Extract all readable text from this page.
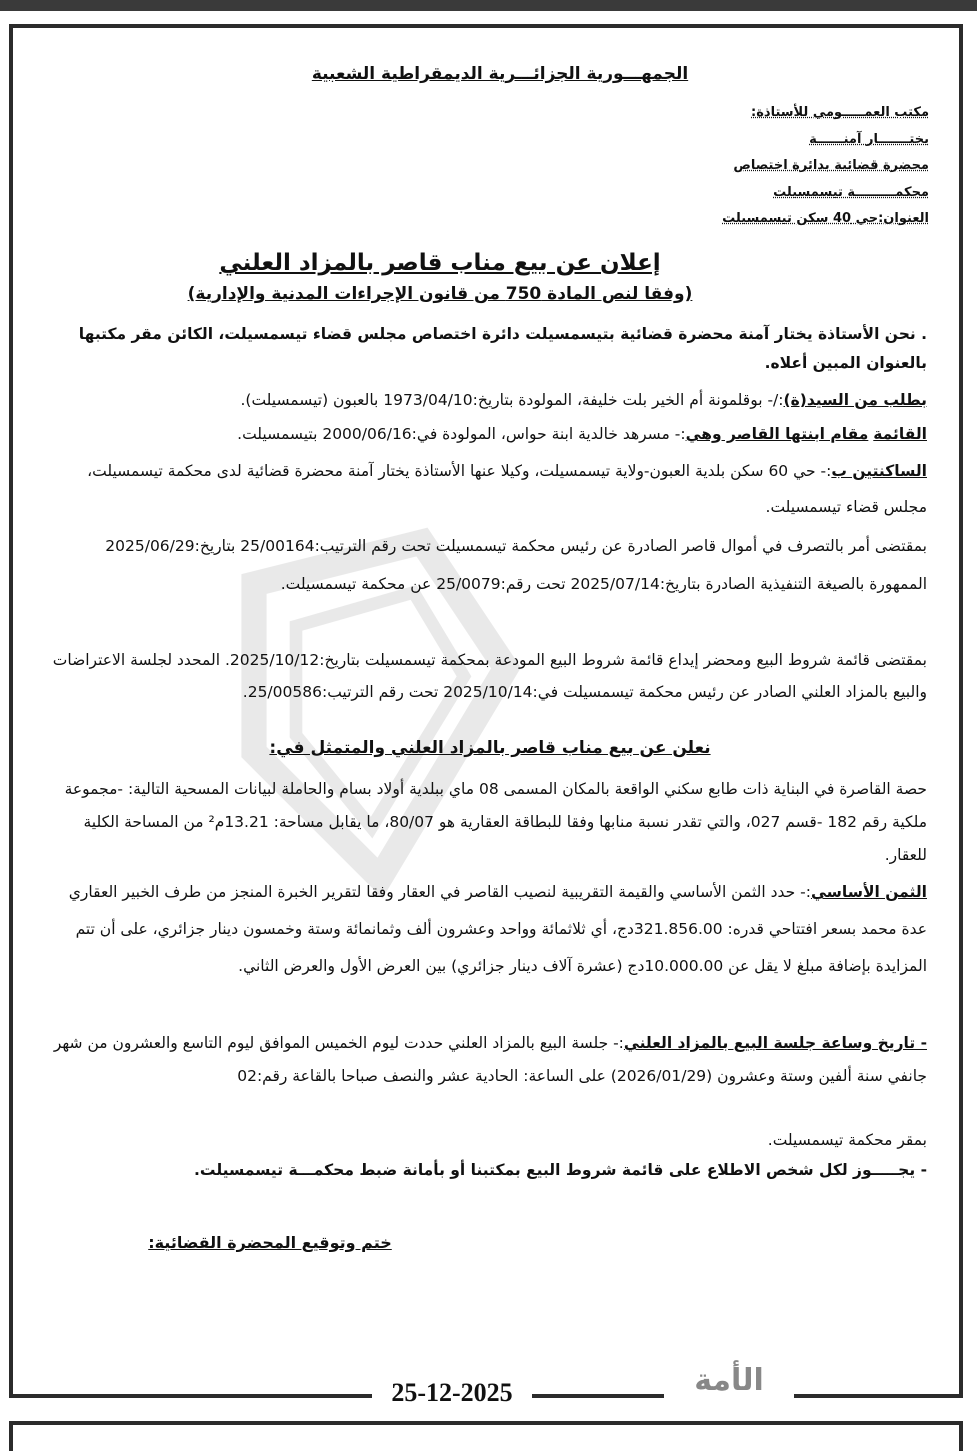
الجمهـــورية الجزائـــرية الديمقراطية الشعبية
مكتب العمـــــومي للأستاذة:
يختـــــــار آمنــــــة
محضرة قضائية بدائرة اختصاص
محكمـــــــــة تيسمسيلت
العنوان:حي 40 سكن تيسمسيلت
إعلان عن بيع مناب قاصر بالمزاد العلني
(وفقا لنص المادة 750 من قانون الإجراءات المدنية والإدارية)
. نحن الأستاذة يختار آمنة محضرة قضائية بتيسمسيلت دائرة اختصاص مجلس قضاء تيسمسيلت، الكائن مقر مكتبها بالعنوان المبين أعلاه.
بطلب من السيد(ة):/- بوقلمونة أم الخير بلت خليفة، المولودة بتاريخ:1973/04/10 بالعبون (تيسمسيلت).
القائمة مقام ابنتها القاصر وهي:- مسرهد خالدية ابنة حواس، المولودة في:2000/06/16 بتيسمسيلت.
الساكنتين ب:- حي 60 سكن بلدية العبون-ولاية تيسمسيلت، وكيلا عنها الأستاذة يختار آمنة محضرة قضائية لدى محكمة تيسمسيلت، مجلس قضاء تيسمسيلت.
بمقتضى أمر بالتصرف في أموال قاصر الصادرة عن رئيس محكمة تيسمسيلت تحت رقم الترتيب:25/00164 بتاريخ:2025/06/29 الممهورة بالصيغة التنفيذية الصادرة بتاريخ:2025/07/14 تحت رقم:25/0079 عن محكمة تيسمسيلت.
بمقتضى قائمة شروط البيع ومحضر إيداع قائمة شروط البيع المودعة بمحكمة تيسمسيلت بتاريخ:2025/10/12. المحدد لجلسة الاعتراضات والبيع بالمزاد العلني الصادر عن رئيس محكمة تيسمسيلت في:2025/10/14 تحت رقم الترتيب:25/00586.
نعلن عن بيع مناب قاصر بالمزاد العلني والمتمثل في:
حصة القاصرة في البناية ذات طابع سكني الواقعة بالمكان المسمى 08 ماي ببلدية أولاد بسام والحاملة لبيانات المسحية التالية: -مجموعة ملكية رقم 182 -قسم 027، والتي تقدر نسبة منابها وفقا للبطاقة العقارية هو 80/07، ما يقابل مساحة: 13.21م² من المساحة الكلية للعقار.
الثمن الأساسي:- حدد الثمن الأساسي والقيمة التقريبية لنصيب القاصر في العقار وفقا لتقرير الخبرة المنجز من طرف الخبير العقاري عدة محمد بسعر افتتاحي قدره: 321.856.00دج، أي ثلاثمائة وواحد وعشرون ألف وثمانمائة وستة وخمسون دينار جزائري، على أن تتم المزايدة بإضافة مبلغ لا يقل عن 10.000.00دج (عشرة آلاف دينار جزائري) بين العرض الأول والعرض الثاني.
- تاريخ وساعة جلسة البيع بالمزاد العلني:- جلسة البيع بالمزاد العلني حددت ليوم الخميس الموافق ليوم التاسع والعشرون من شهر جانفي سنة ألفين وستة وعشرون (2026/01/29) على الساعة: الحادية عشر والنصف صباحا بالقاعة رقم:02
بمقر محكمة تيسمسيلت.
- يجـــــوز لكل شخص الاطلاع على قائمة شروط البيع بمكتبنا أو بأمانة ضبط محكمـــة تيسمسيلت.
ختم وتوقيع المحضرة القضائية:
25-12-2025	الأمة
